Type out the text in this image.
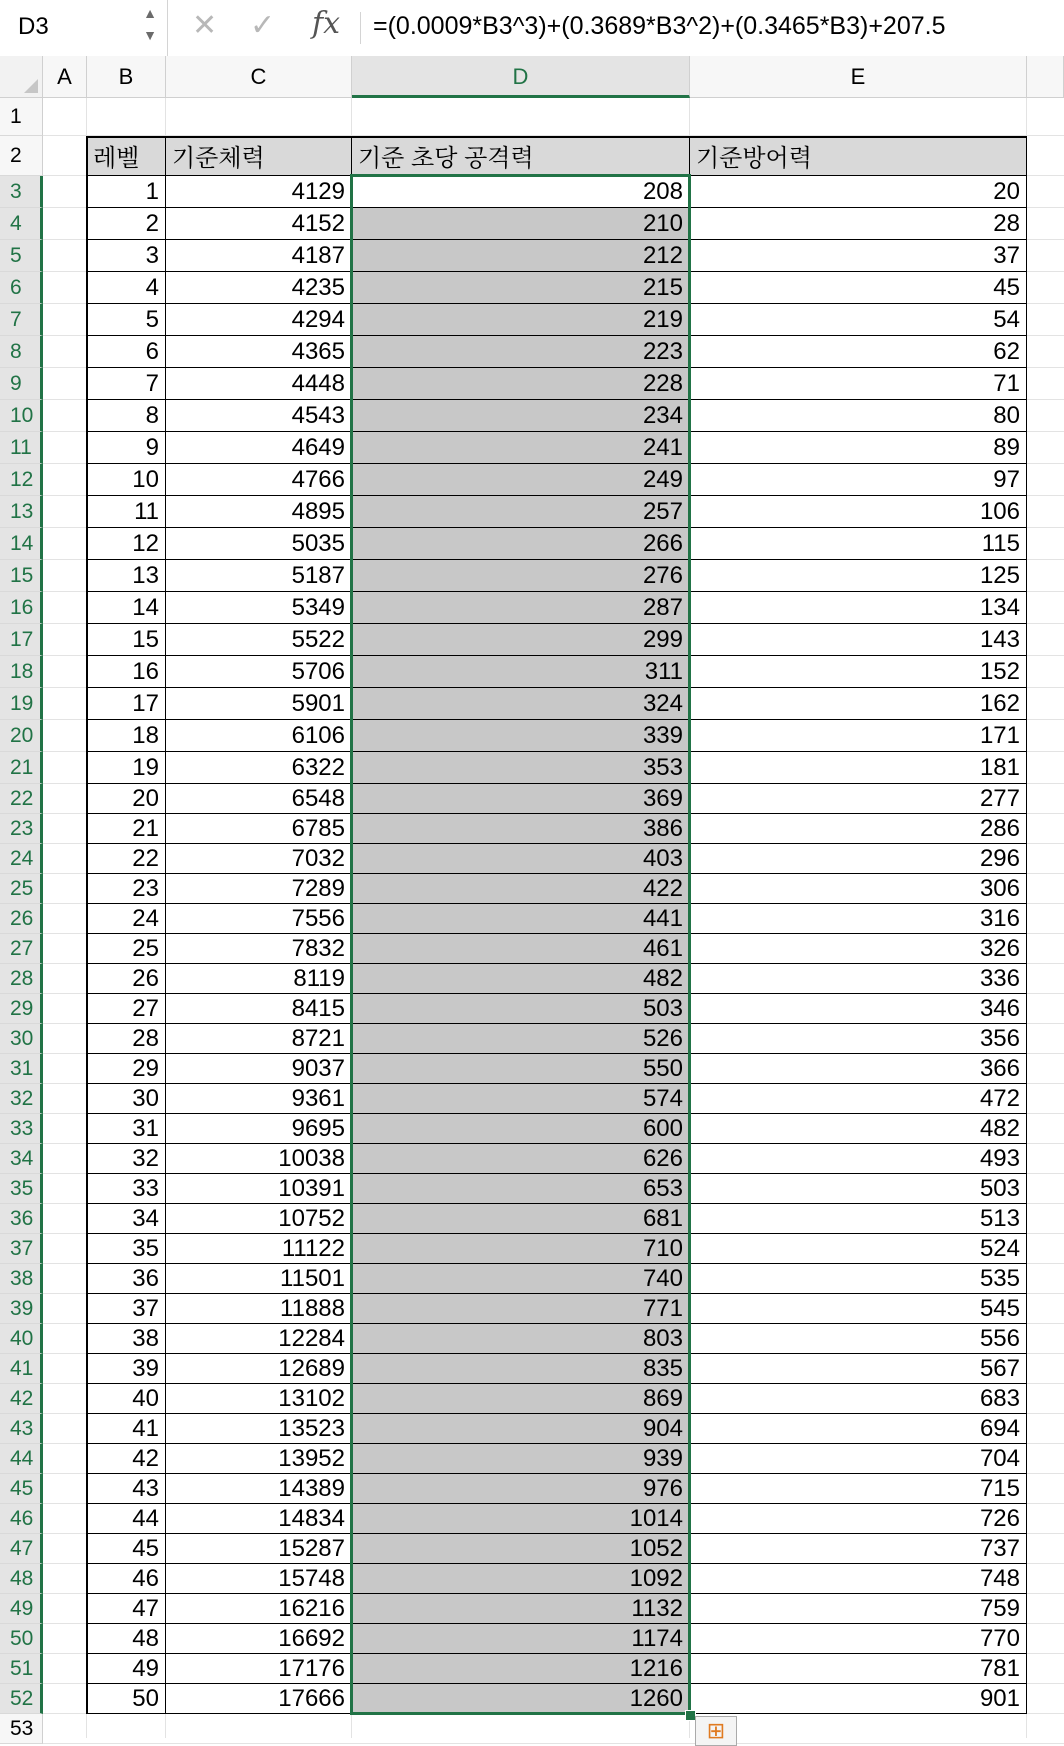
D3	▲
▼ ✕ ✓ fx =(0.0009*B3^3)+(0.3689*B3^2)+(0.3465*B3)+207.5
A	B	C	D	E
1
2
3
4
5
6
7
8
9
10
11
12
13
14
15
16
17
18
19
20
21
22
23
24
25
26
27
28
29
30
31
32
33
34
35
36
37
38
39
40
41
42
43
44
45
46
47
48
49
50
51
52
53
레벨	기준체력	기준 초당 공격력	기준방어력
1	4129	208	20
2	4152	210	28
3	4187	212	37
4	4235	215	45
5	4294	219	54
6	4365	223	62
7	4448	228	71
8	4543	234	80
9	4649	241	89
10	4766	249	97
11	4895	257	106
12	5035	266	115
13	5187	276	125
14	5349	287	134
15	5522	299	143
16	5706	311	152
17	5901	324	162
18	6106	339	171
19	6322	353	181
20	6548	369	277
21	6785	386	286
22	7032	403	296
23	7289	422	306
24	7556	441	316
25	7832	461	326
26	8119	482	336
27	8415	503	346
28	8721	526	356
29	9037	550	366
30	9361	574	472
31	9695	600	482
32	10038	626	493
33	10391	653	503
34	10752	681	513
35	11122	710	524
36	11501	740	535
37	11888	771	545
38	12284	803	556
39	12689	835	567
40	13102	869	683
41	13523	904	694
42	13952	939	704
43	14389	976	715
44	14834	1014	726
45	15287	1052	737
46	15748	1092	748
47	16216	1132	759
48	16692	1174	770
49	17176	1216	781
50	17666	1260	901
⊞
